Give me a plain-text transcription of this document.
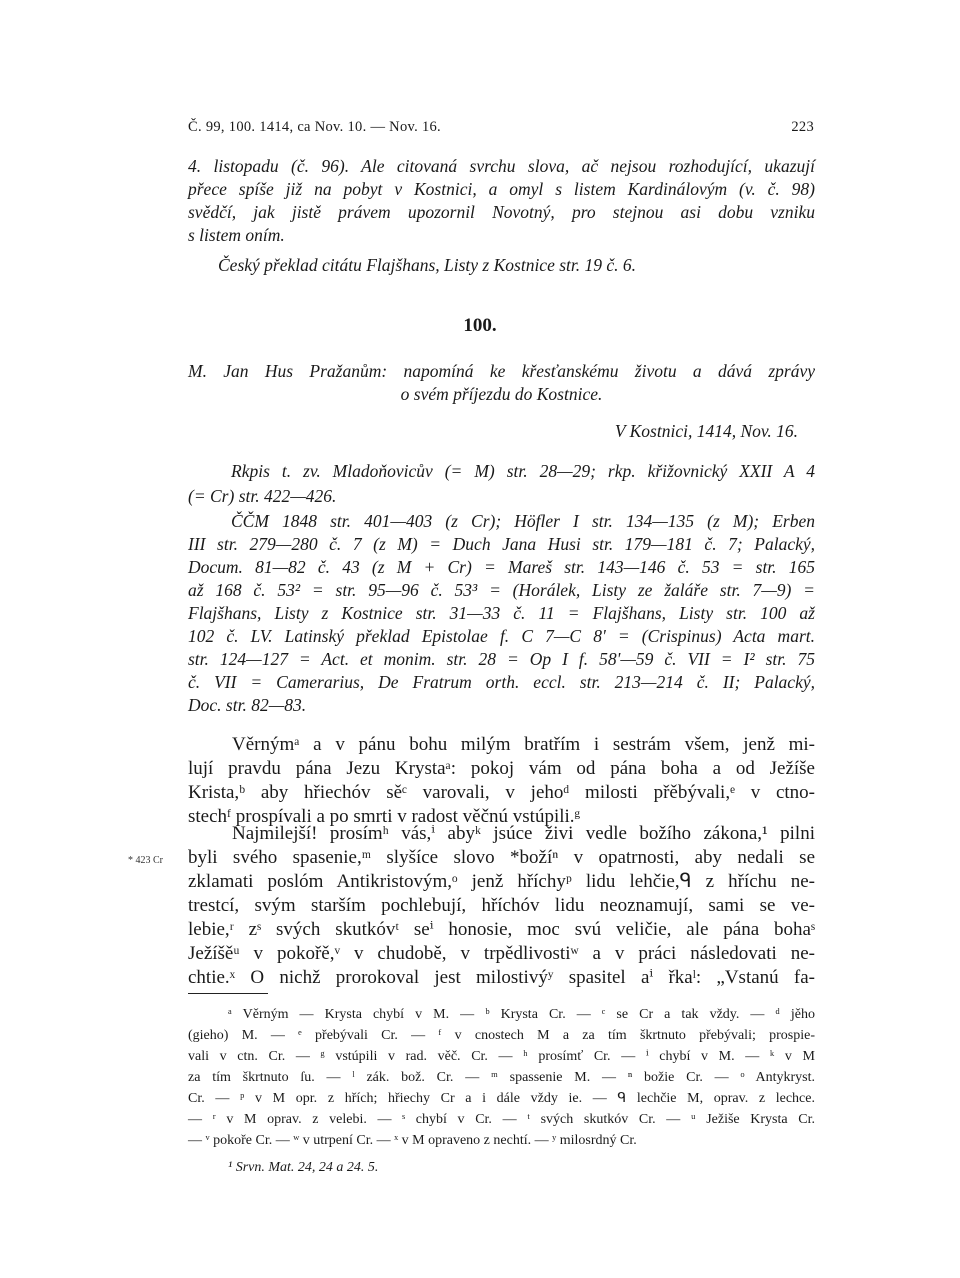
Č. 99, 100. 1414, ca Nov. 10. — Nov. 16.	223
4. listopadu (č. 96). Ale citovaná svrchu slova, ač nejsou rozhodující, ukazují
přece spíše již na pobyt v Kostnici, a omyl s listem Kardinálovým (v. č. 98)
svědčí, jak jistě právem upozornil Novotný, pro stejnou asi dobu vzniku
s listem oním.
Český překlad citátu Flajšhans, Listy z Kostnice str. 19 č. 6.
100.
M. Jan Hus Pražanům: napomíná ke křesťanskému životu a dává zprávy
o svém příjezdu do Kostnice.
V Kostnici, 1414, Nov. 16.
Rkpis t. zv. Mladoňovicův (= M) str. 28—29; rkp. křižovnický XXII A 4
(= Cr) str. 422—426.
ČČM 1848 str. 401—403 (z Cr); Höfler I str. 134—135 (z M); Erben
III str. 279—280 č. 7 (z M) = Duch Jana Husi str. 179—181 č. 7; Palacký,
Docum. 81—82 č. 43 (z M + Cr) = Mareš str. 143—146 č. 53 = str. 165
až 168 č. 53² = str. 95—96 č. 53³ = (Horálek, Listy ze žaláře str. 7—9) =
Flajšhans, Listy z Kostnice str. 31—33 č. 11 = Flajšhans, Listy str. 100 až
102 č. LV. Latinský překlad Epistolae f. C 7—C 8' = (Crispinus) Acta mart.
str. 124—127 = Act. et monim. str. 28 = Op I f. 58'—59 č. VII = I² str. 75
č. VII = Camerarius, De Fratrum orth. eccl. str. 213—214 č. II; Palacký,
Doc. str. 82—83.
Věrnýmᵃ a v pánu bohu milým bratřím i sestrám všem, jenž mi-
lují pravdu pána Jezu Krystaᵃ: pokoj vám od pána boha a od Ježíše
Krista,ᵇ aby hřiechóv sěᶜ varovali, v jehoᵈ milosti přěbývali,ᵉ v ctno-
stechᶠ prospívali a po smrti v radost věčnú vstúpili.ᵍ
Najmilejší! prosímʰ vás,ⁱ abyᵏ jsúce živi vedle božího zákona,¹ pilni
byli svého spasenie,ᵐ slyšíce slovo *božíⁿ v opatrnosti, aby nedali se
zklamati poslóm Antikristovým,ᵒ jenž hříchyᵖ lidu lehčie,ᑫ z hříchu ne-
trestcí, svým starším pochlebují, hříchóv lidu neoznamují, sami se ve-
lebie,ʳ zˢ svých skutkóvᵗ seⁱ honosie, moc svú veličie, ale pána bohaˢ
Ježíšěᵘ v pokořě,ᵛ v chudobě, v trpědlivostiʷ a v práci následovati ne-
chtie.ˣ O nichž prorokoval jest milostivýʸ spasitel aⁱ řkaˡ: „Vstanú fa-
* 423 Cr
ᵃ Věrným — Krysta chybí v M. — ᵇ Krysta Cr. — ᶜ se Cr a tak vždy. — ᵈ jěho
(gieho) M. — ᵉ přebývali Cr. — ᶠ v cnostech M a za tím škrtnuto přebývali; prospie-
vali v ctn. Cr. — ᵍ vstúpili v rad. věč. Cr. — ʰ prosímť Cr. — ⁱ chybí v M. — ᵏ v M
za tím škrtnuto ſu. — ˡ zák. bož. Cr. — ᵐ spassenie M. — ⁿ božie Cr. — ᵒ Antykryst.
Cr. — ᵖ v M opr. z hřích; hřiechy Cr a i dále vždy ie. — ᑫ lechčie M, oprav. z lechce.
— ʳ v M oprav. z velebi. — ˢ chybí v Cr. — ᵗ svých skutkóv Cr. — ᵘ Ježiše Krysta Cr.
— ᵛ pokoře Cr. — ʷ v utrpení Cr. — ˣ v M opraveno z nechtí. — ʸ milosrdný Cr.
¹ Srvn. Mat. 24, 24 a 24. 5.
